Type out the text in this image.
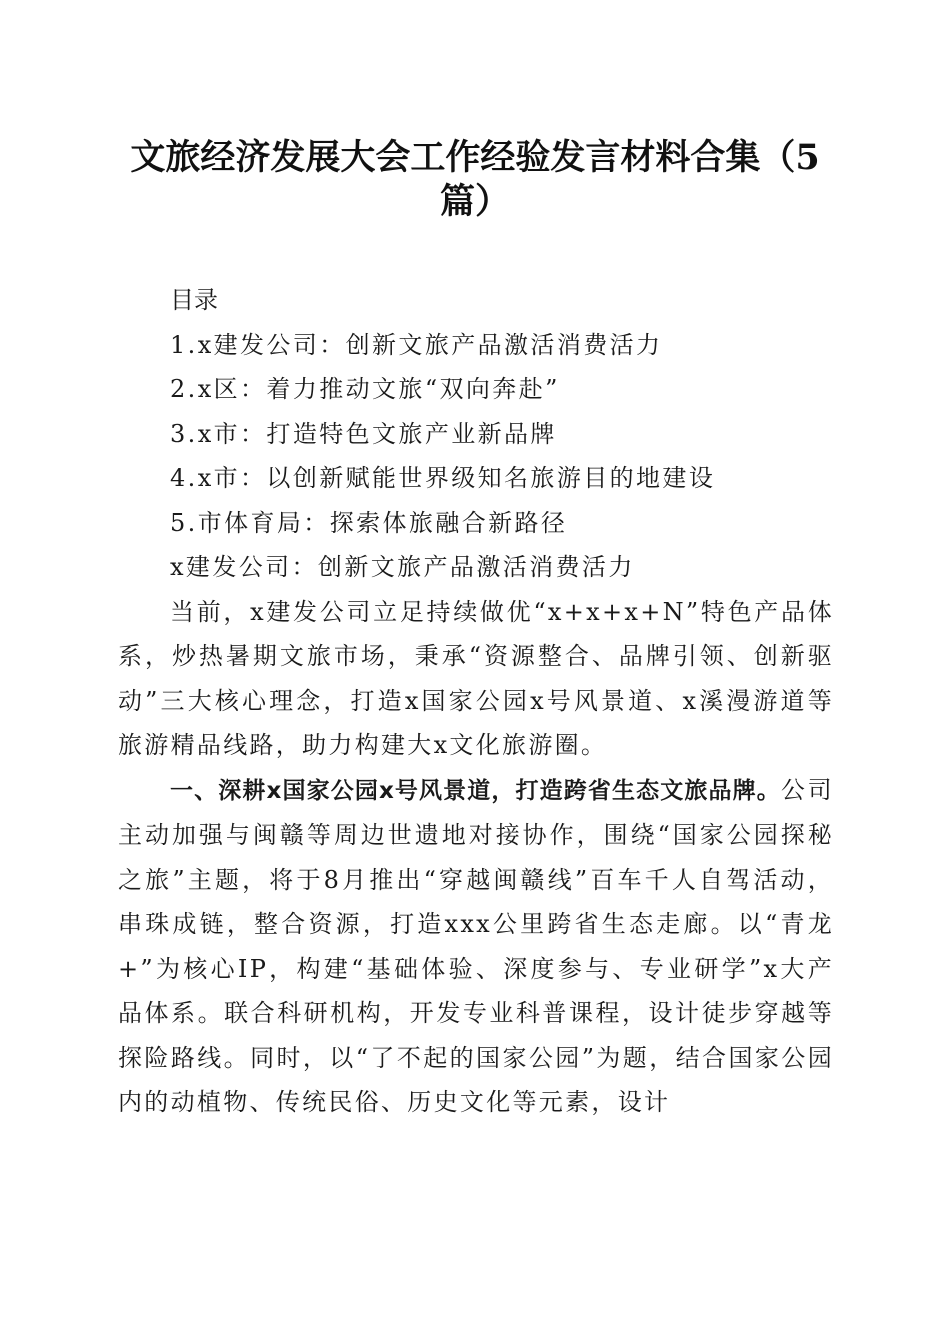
文旅经济发展大会工作经验发言材料合集（5篇）
目录
1.x建发公司：创新文旅产品激活消费活力
2.x区：着力推动文旅“双向奔赴”
3.x市：打造特色文旅产业新品牌
4.x市：以创新赋能世界级知名旅游目的地建设
5.市体育局：探索体旅融合新路径
x建发公司：创新文旅产品激活消费活力
当前，x建发公司立足持续做优“x+x+x+N”特色产品体系，炒热暑期文旅市场，秉承“资源整合、品牌引领、创新驱动”三大核心理念，打造x国家公园x号风景道、x溪漫游道等旅游精品线路，助力构建大x文化旅游圈。
一、深耕x国家公园x号风景道，打造跨省生态文旅品牌。公司主动加强与闽赣等周边世遗地对接协作，围绕“国家公园探秘之旅”主题，将于8月推出“穿越闽赣线”百车千人自驾活动，串珠成链，整合资源，打造xxx公里跨省生态走廊。以“青龙+”为核心IP，构建“基础体验、深度参与、专业研学”x大产品体系。联合科研机构，开发专业科普课程，设计徒步穿越等探险路线。同时，以“了不起的国家公园”为题，结合国家公园内的动植物、传统民俗、历史文化等元素，设计
